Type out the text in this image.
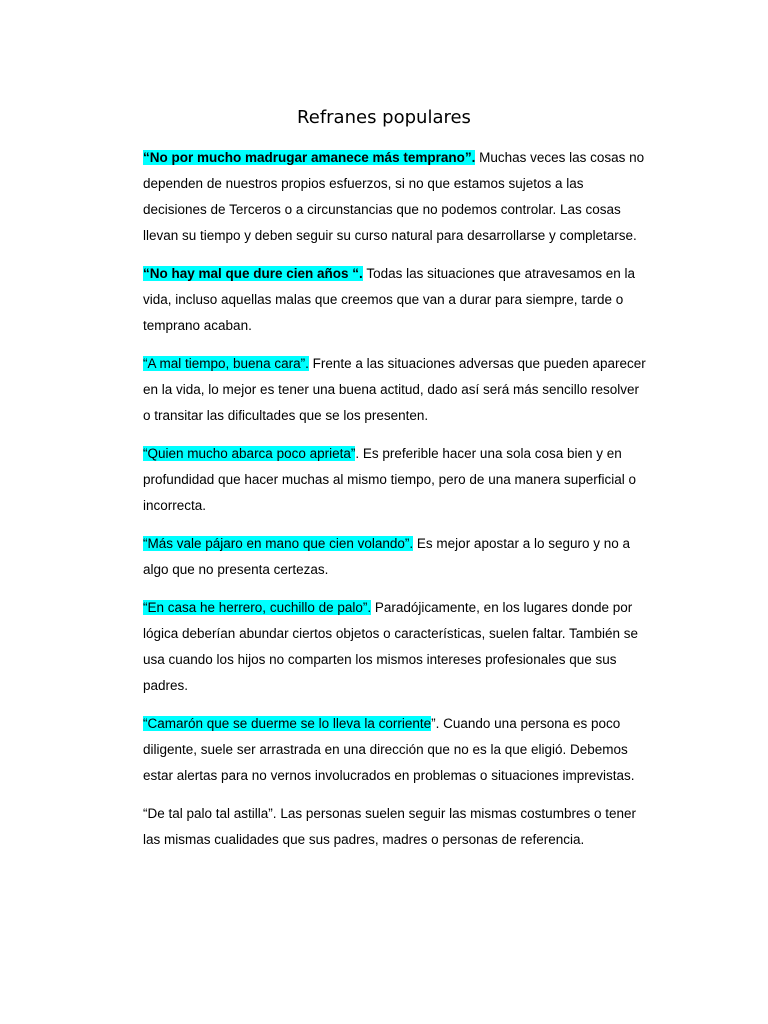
Refranes populares

“No por mucho madrugar amanece más temprano”. Muchas veces las cosas no dependen de nuestros propios esfuerzos, si no que estamos sujetos a las decisiones de Terceros o a circunstancias que no podemos controlar. Las cosas llevan su tiempo y deben seguir su curso natural para desarrollarse y completarse.

“No hay mal que dure cien años “. Todas las situaciones que atravesamos en la vida, incluso aquellas malas que creemos que van a durar para siempre, tarde o temprano acaban.

“A mal tiempo, buena cara”. Frente a las situaciones adversas que pueden aparecer en la vida, lo mejor es tener una buena actitud, dado así será más sencillo resolver o transitar las dificultades que se los presenten.

“Quien mucho abarca poco aprieta”. Es preferible hacer una sola cosa bien y en profundidad que hacer muchas al mismo tiempo, pero de una manera superficial o incorrecta.

“Más vale pájaro en mano que cien volando”. Es mejor apostar a lo seguro y no a algo que no presenta certezas.

“En casa he herrero, cuchillo de palo”. Paradójicamente, en los lugares donde por lógica deberían abundar ciertos objetos o características, suelen faltar. También se usa cuando los hijos no comparten los mismos intereses profesionales que sus padres.

“Camarón que se duerme se lo lleva la corriente”. Cuando una persona es poco diligente, suele ser arrastrada en una dirección que no es la que eligió. Debemos estar alertas para no vernos involucrados en problemas o situaciones imprevistas.

“De tal palo tal astilla”. Las personas suelen seguir las mismas costumbres o tener las mismas cualidades que sus padres, madres o personas de referencia.
